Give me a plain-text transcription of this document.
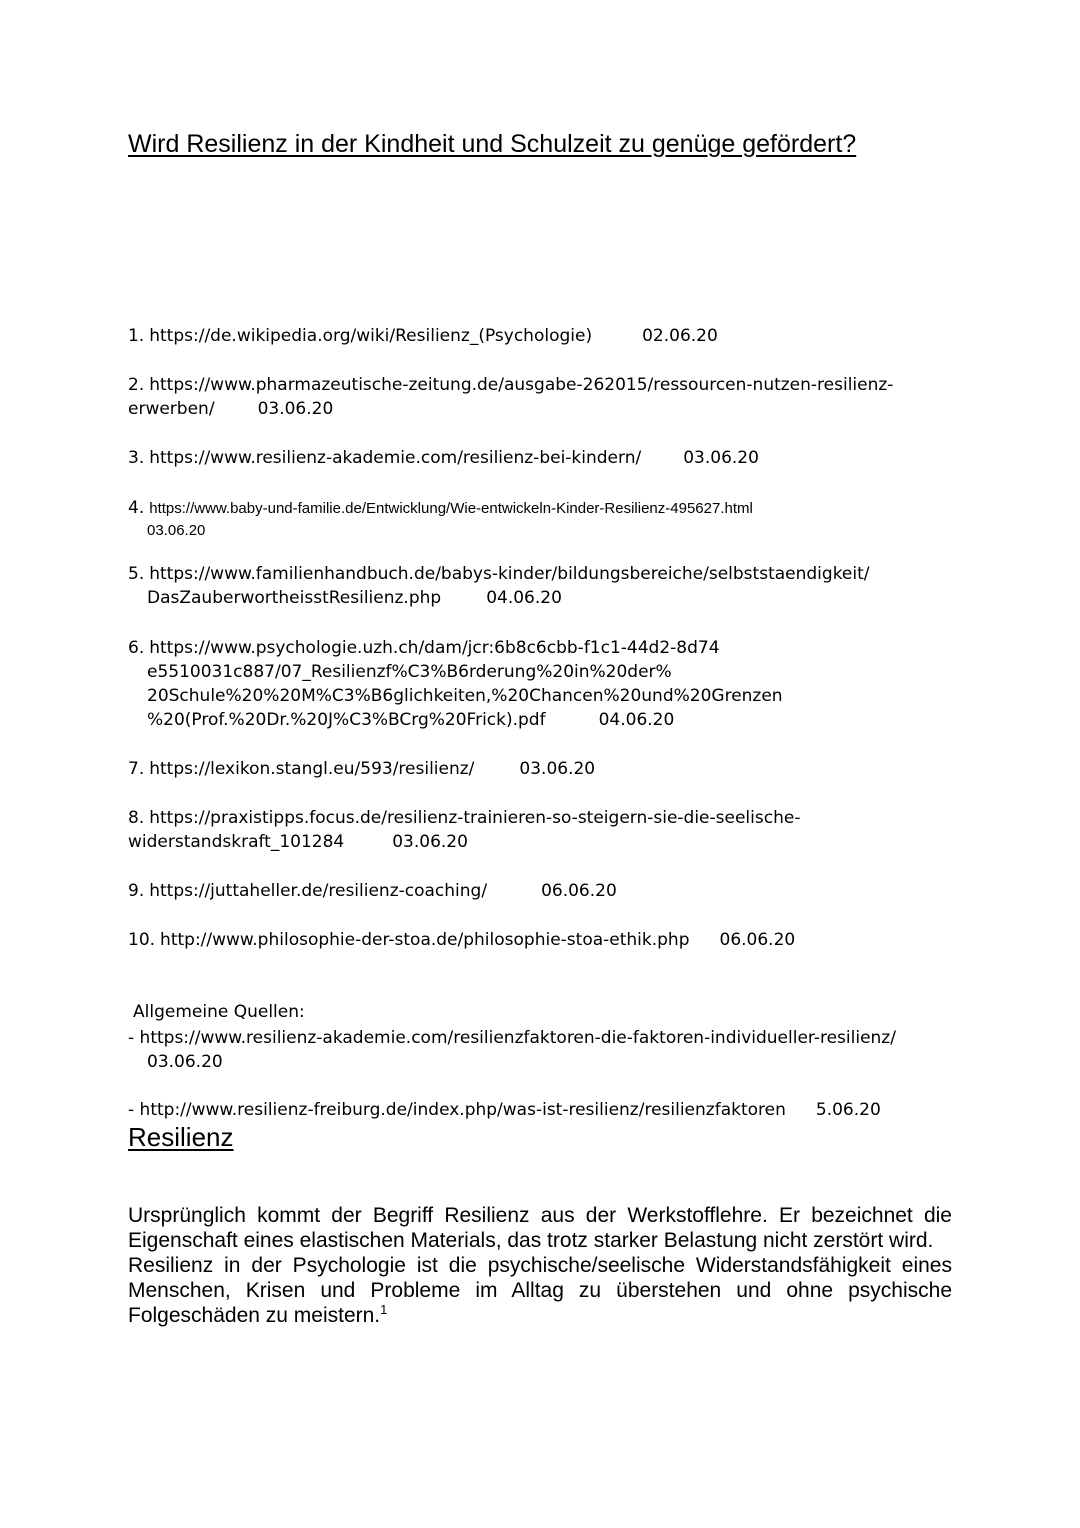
Wird Resilienz in der Kindheit und Schulzeit zu genüge gefördert?
1. https://de.wikipedia.org/wiki/Resilienz_(Psychologie)	02.06.20
2. https://www.pharmazeutische-zeitung.de/ausgabe-262015/ressourcen-nutzen-resilienz-
erwerben/	03.06.20
3. https://www.resilienz-akademie.com/resilienz-bei-kindern/ 03.06.20
4. https://www.baby-und-familie.de/Entwicklung/Wie-entwickeln-Kinder-Resilienz-495627.html
03.06.20
5. https://www.familienhandbuch.de/babys-kinder/bildungsbereiche/selbststaendigkeit/
DasZauberwortheisstResilienz.php	04.06.20
6. https://www.psychologie.uzh.ch/dam/jcr:6b8c6cbb-f1c1-44d2-8d74
e5510031c887/07_Resilienzf%C3%B6rderung%20in%20der%
20Schule%20%20M%C3%B6glichkeiten,%20Chancen%20und%20Grenzen
%20(Prof.%20Dr.%20J%C3%BCrg%20Frick).pdf	04.06.20
7. https://lexikon.stangl.eu/593/resilienz/	03.06.20
8. https://praxistipps.focus.de/resilienz-trainieren-so-steigern-sie-die-seelische-
widerstandskraft_101284	03.06.20
9. https://juttaheller.de/resilienz-coaching/	06.06.20
10. http://www.philosophie-der-stoa.de/philosophie-stoa-ethik.php 06.06.20
Allgemeine Quellen:
- https://www.resilienz-akademie.com/resilienzfaktoren-die-faktoren-individueller-resilienz/
03.06.20
- http://www.resilienz-freiburg.de/index.php/was-ist-resilienz/resilienzfaktoren 5.06.20
Resilienz

Ursprünglich kommt der Begriff Resilienz aus der Werkstofflehre. Er bezeichnet die Eigenschaft eines elastischen Materials, das trotz starker Belastung nicht zerstört wird.

Resilienz in der Psychologie ist die psychische/seelische Widerstandsfähigkeit eines Menschen, Krisen und Probleme im Alltag zu überstehen und ohne psychische Folgeschäden zu meistern.$^1$
